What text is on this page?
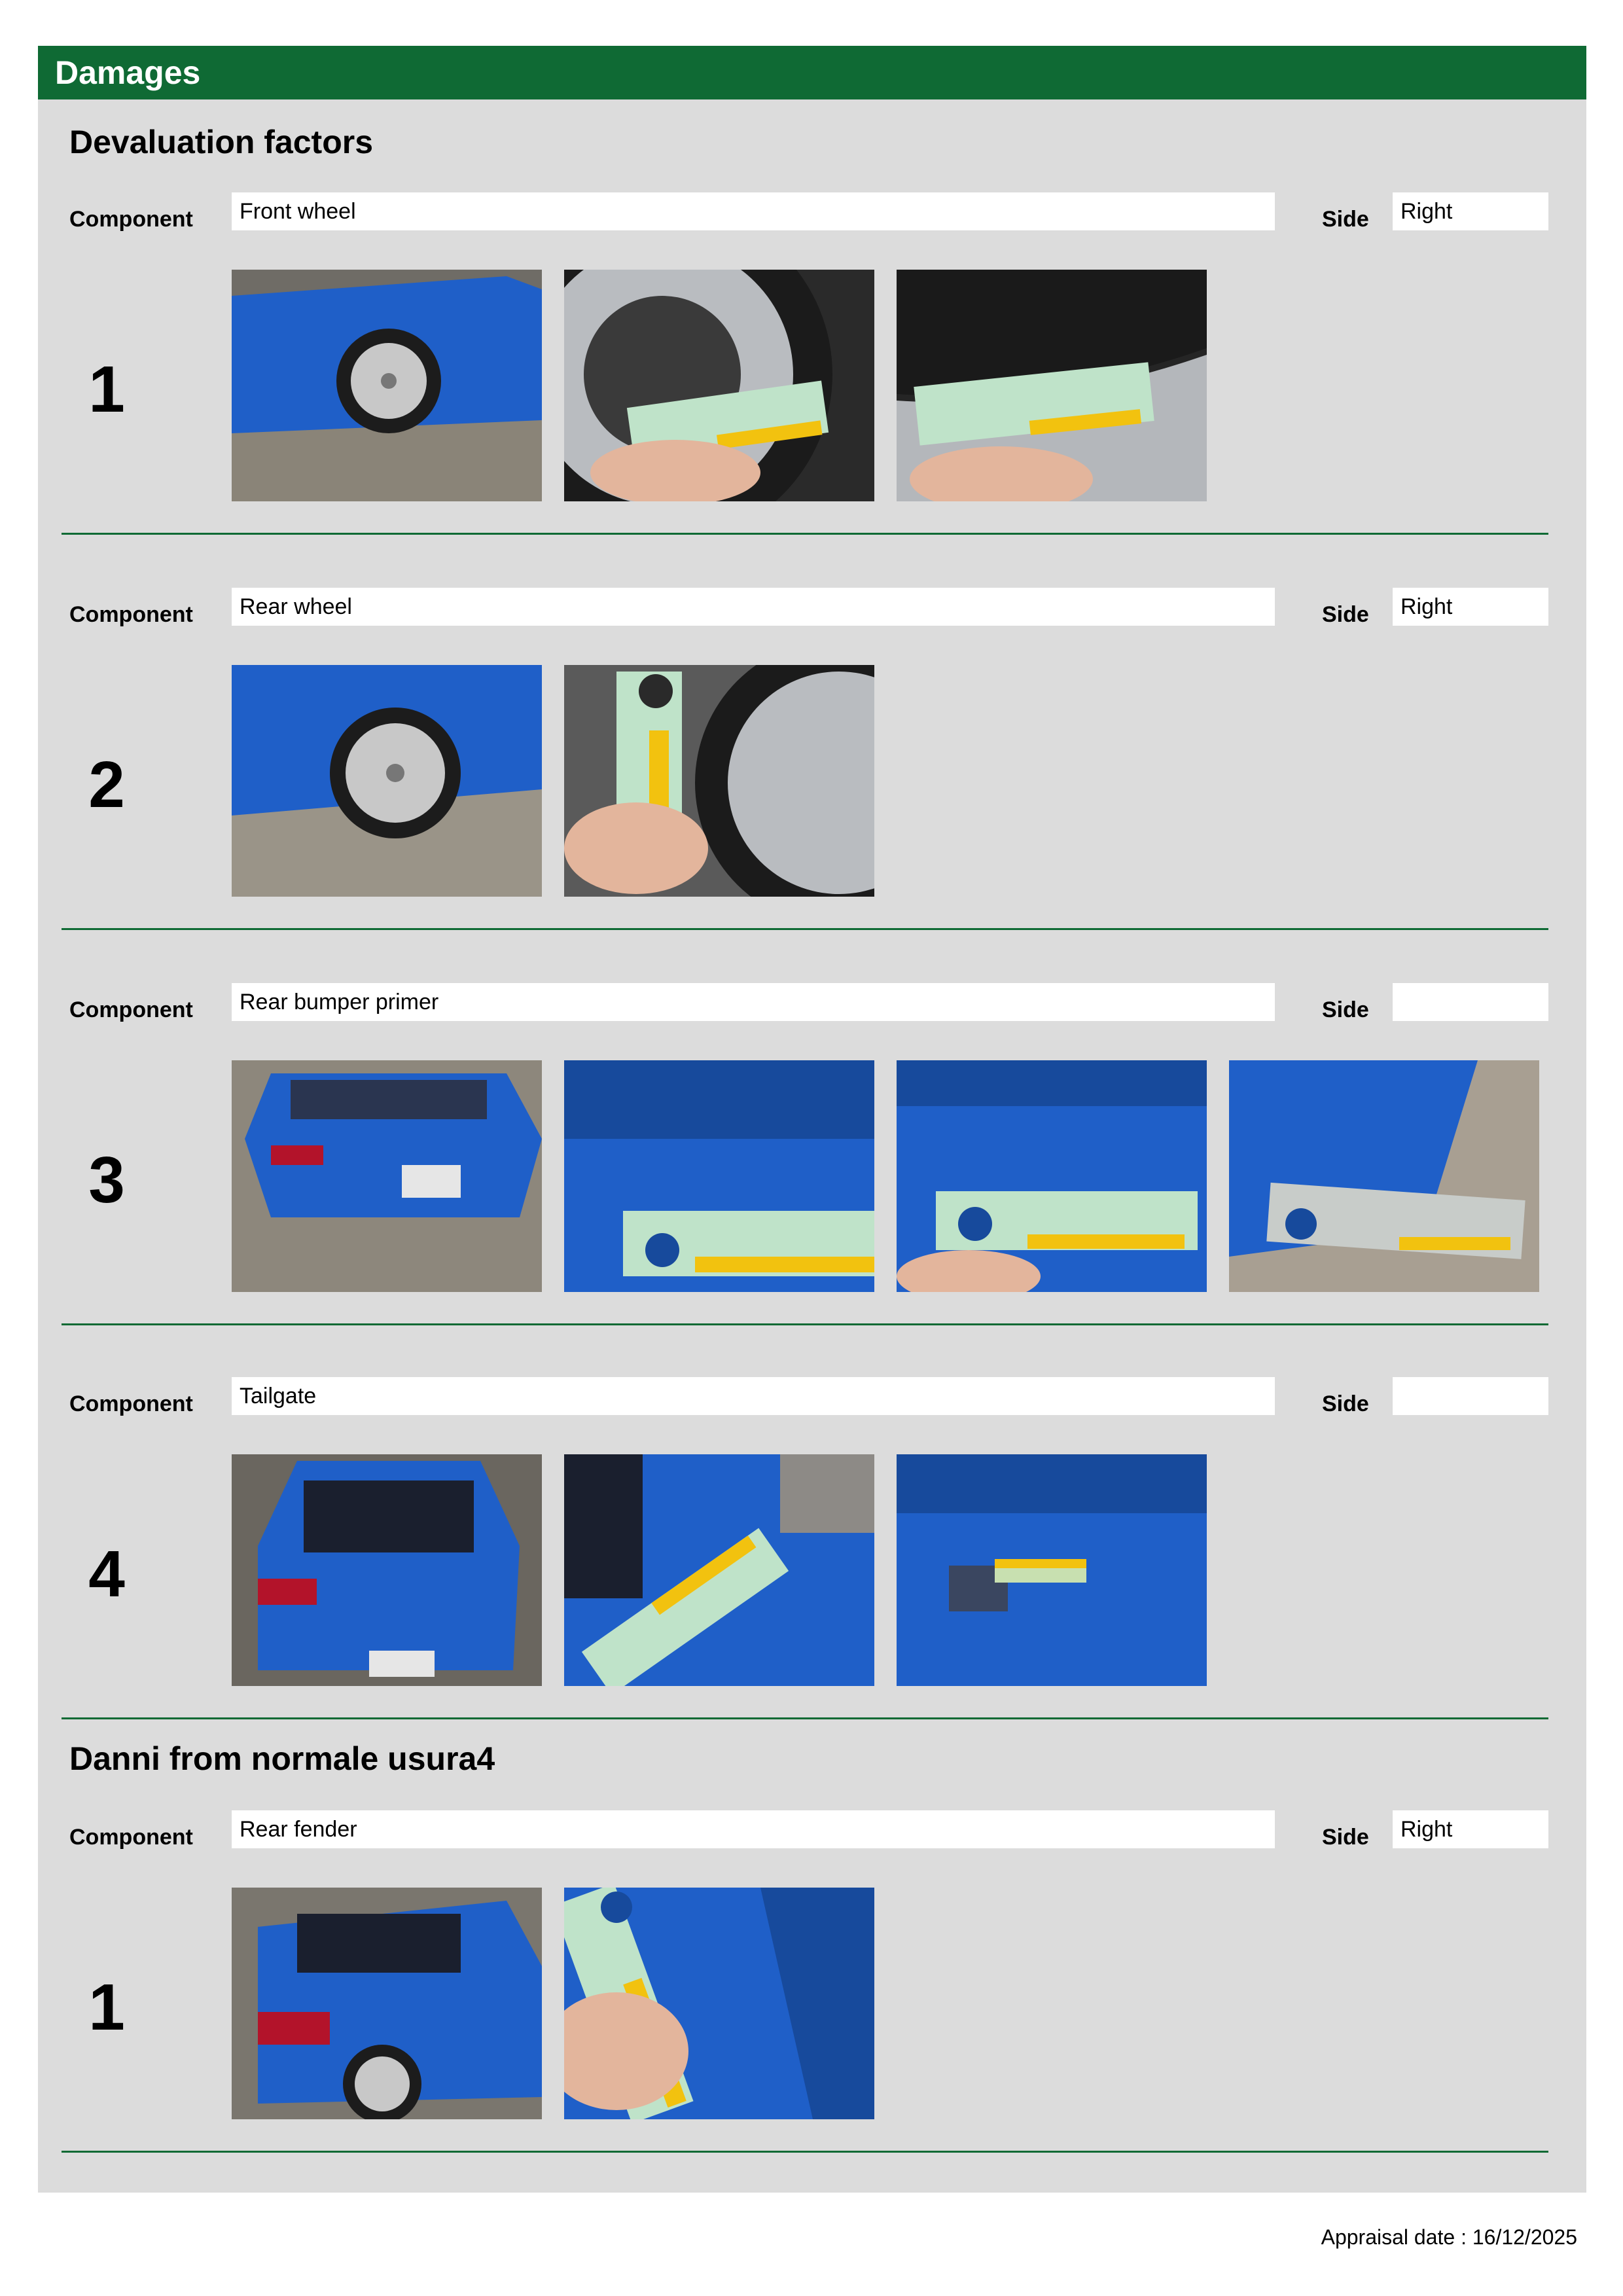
Damages
Devaluation factors
Component	Front wheel	Side	Right
1
Component	Rear wheel	Side	Right
2
Component	Rear bumper primer	Side
3
Component	Tailgate	Side
4
Danni from normale usura4
Component	Rear fender	Side	Right
1
Appraisal date : 16/12/2025
